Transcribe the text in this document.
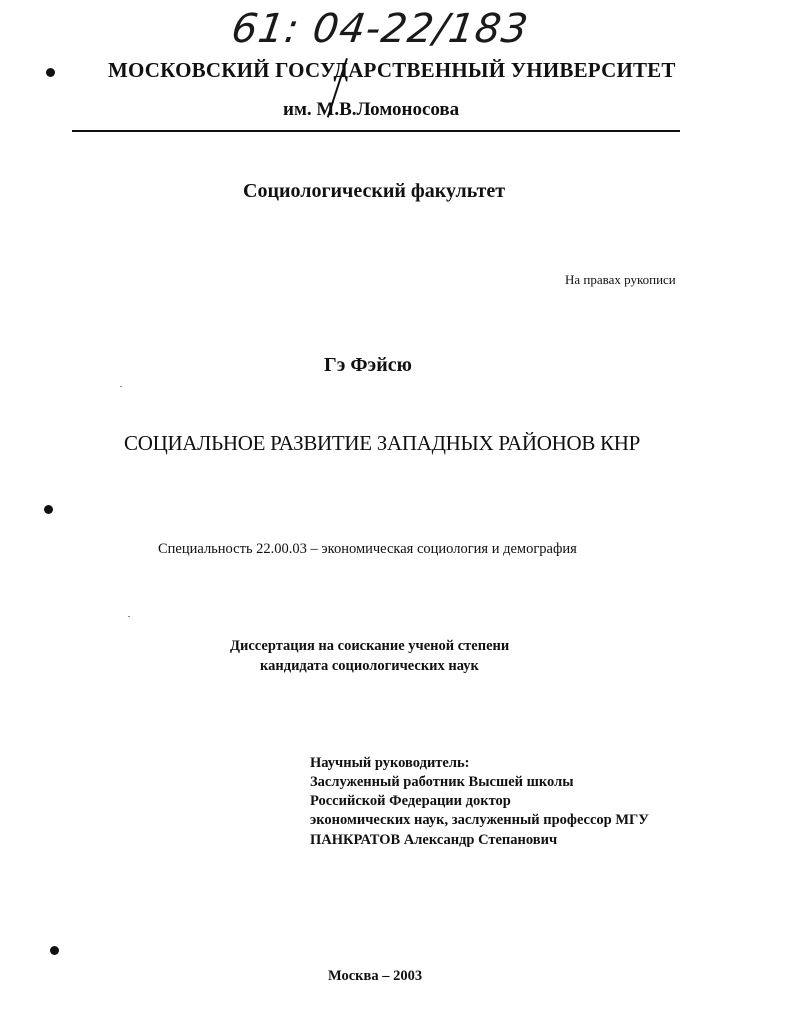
61: 04-22/183
МОСКОВСКИЙ ГОСУДАРСТВЕННЫЙ УНИВЕРСИТЕТ
им. М.В.Ломоносова
Социологический факультет
На правах рукописи
Гэ Фэйсю
СОЦИАЛЬНОЕ РАЗВИТИЕ ЗАПАДНЫХ РАЙОНОВ КНР
Специальность 22.00.03 – экономическая социология и демография
Диссертация на соискание ученой степени
кандидата социологических наук
Научный руководитель:
Заслуженный работник Высшей школы
Российской Федерации доктор
экономических наук, заслуженный профессор МГУ
ПАНКРАТОВ Александр Степанович
Москва – 2003
